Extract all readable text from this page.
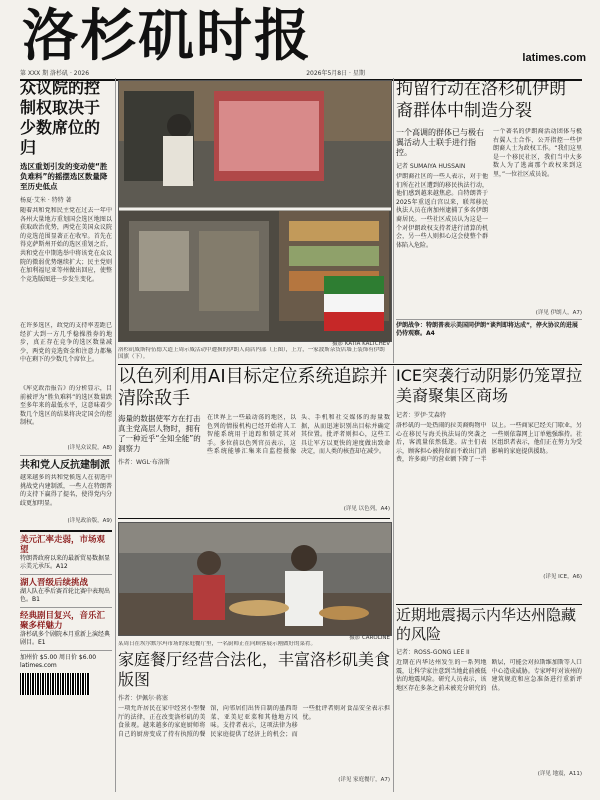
洛杉矶时报	latimes.com
第 XXX 期 洛杉矶 · 2026	2026年5月8日 · 星期
众议院的控制权取决于少数席位的归
选区重划引发的变动使“胜负难料”的摇摆选区数量降至历史低点
杨夏·艾米 · 特特 著
随着共和党和民主党在过去一年中各州大量地方重划国会选区地图以获取政治优势，两党在美国众议院的竞选范围显著正在收窄。首先在得克萨斯州开始的选区重划之后，共和党在中期选举中将该党在众议院的微弱优势继续扩大；民主党则在加利福尼亚等州做出回应，使整个竞选版图进一步发生变化。
在许多选区，政党的支持率差距已经扩大到一方几乎稳操胜券的地步，真正存在竞争的选区数量减少，两党的竞选资金和注意力都集中在剩下的少数几个席位上。
《库克政治报告》的分析显示，目前被评为“胜负难料”的选区数量跌至多年来的最低水平，这意味着少数几个选区的结果将决定国会的控制权。
(详见众议院，A8)
共和党人反抗建制派
越来越多的共和党候选人在初选中挑战党内建制派，一些人在特朗普的支持下赢得了提名，使得党内分歧更加明显。
(详见政治版，A9)
美元汇率走弱，市场观望
特朗普政府以来的最新贸易数据显示美元承压。A12
湖人晋级后续挑战
湖人队在季后赛首轮比赛中表现出色。B1
经典剧目复兴，音乐汇聚多样魅力
洛杉矶多个剧院本月重新上演经典剧目。E1
加州价 $5.00 周日价 $6.00 latimes.com
摄影 KATIA KALTCHEV
洛杉矶威斯特伍德大道上周示威活动中遭损的伊朗人商店内部（上图），上方，一家波斯杂货店墙上装饰有伊朗国旗（下）。
拘留行动在洛杉矶伊朗裔群体中制造分裂
一个高调的群体已与极右翼活动人士联手进行指控。
记者 SUMAIYA HUSSAIN
伊朗裔社区的一些人表示，对于他们所在社区遭到的移民执法行动，他们感到越来越焦虑。自特朗普于2025年重返白宫以来，联邦移民执法人员在南加州逮捕了多名伊朗裔居民。一些社区成员认为这是一个对伊朗政权支持者进行清算的机会，另一些人则担心这会使整个群体陷入危险。
一个著名的伊朗裔活动团体与极右翼人士合作，公开指控一些伊朗裔人士为政权工作。“我们这里是一个移民社区，我们当中大多数人为了逃离那个政权来到这里，”一位社区成员说。
(详见 伊朗人，A7)
伊朗战争：特朗普表示美国同伊朗“谈判即将达成”，停火协议的进展仍待观察。A4
以色列利用AI目标定位系统追踪并清除敌手
海量的数据使军方在打击真主党高层人物时，拥有了一种近乎“全知全能”的洞察力
作者：WGL·布洛斯
在世界上一些最动荡的地区，以色列的情报机构已经开始将人工智能系统用于追踪和锁定其对手。多位前以色列官员表示，这些系统能够汇集来自监控摄像头、手机和社交媒体的海量数据，从而迅速识别出目标并确定其位置。批评者则担心，这些工具让军方以更快的速度做出致命决定，而人类的核查却在减少。
(详见 以色列，A4)
ICE突袭行动阴影仍笼罩拉美裔聚集区商场
记者：罗伊·艾森特
洛杉矶的一处热闹的拉美裔购物中心在移民与海关执法局的突袭之后，客流量依然低迷。店主们表示，顾客担心被拘留而不敢出门消费，许多商户的营业额下降了一半以上。一些商家已经关门歇业，另一些则依靠网上订单勉强维持。社区组织者表示，他们正在努力为受影响的家庭提供援助。
(详见 ICE，A6)
摄影 CAROLINE
某周日在埃尔默尔玛市场的家庭餐厅里，一名厨师正在向顾客展示刚做好的菜肴。
家庭餐厅经营合法化，丰富洛杉矶美食版图
作者：伊佩尔·蒋塞
一项允许居民在家中经营小型餐厅的法律，正在改变洛杉矶的美食景观。越来越多的家庭厨师将自己的厨房变成了持有执照的餐馆，向邻居们出售自制的墨西哥菜、亚美尼亚菜和其他地方风味。支持者表示，这项法律为移民家庭提供了经济上的机会；而一些批评者则对食品安全表示担忧。
(详见 家庭餐厅，A7)
近期地震揭示内华达州隐藏的风险
记者：ROSS-GONG LEE II
近期在内华达州发生的一系列地震，让科学家注意到当地此前被低估的地震风险。研究人员表示，该地区存在多条之前未被充分研究的断层，可能会对拉斯维加斯等人口中心造成威胁。专家呼吁对该州的建筑规范和应急准备进行重新评估。
(详见 地震，A11)
